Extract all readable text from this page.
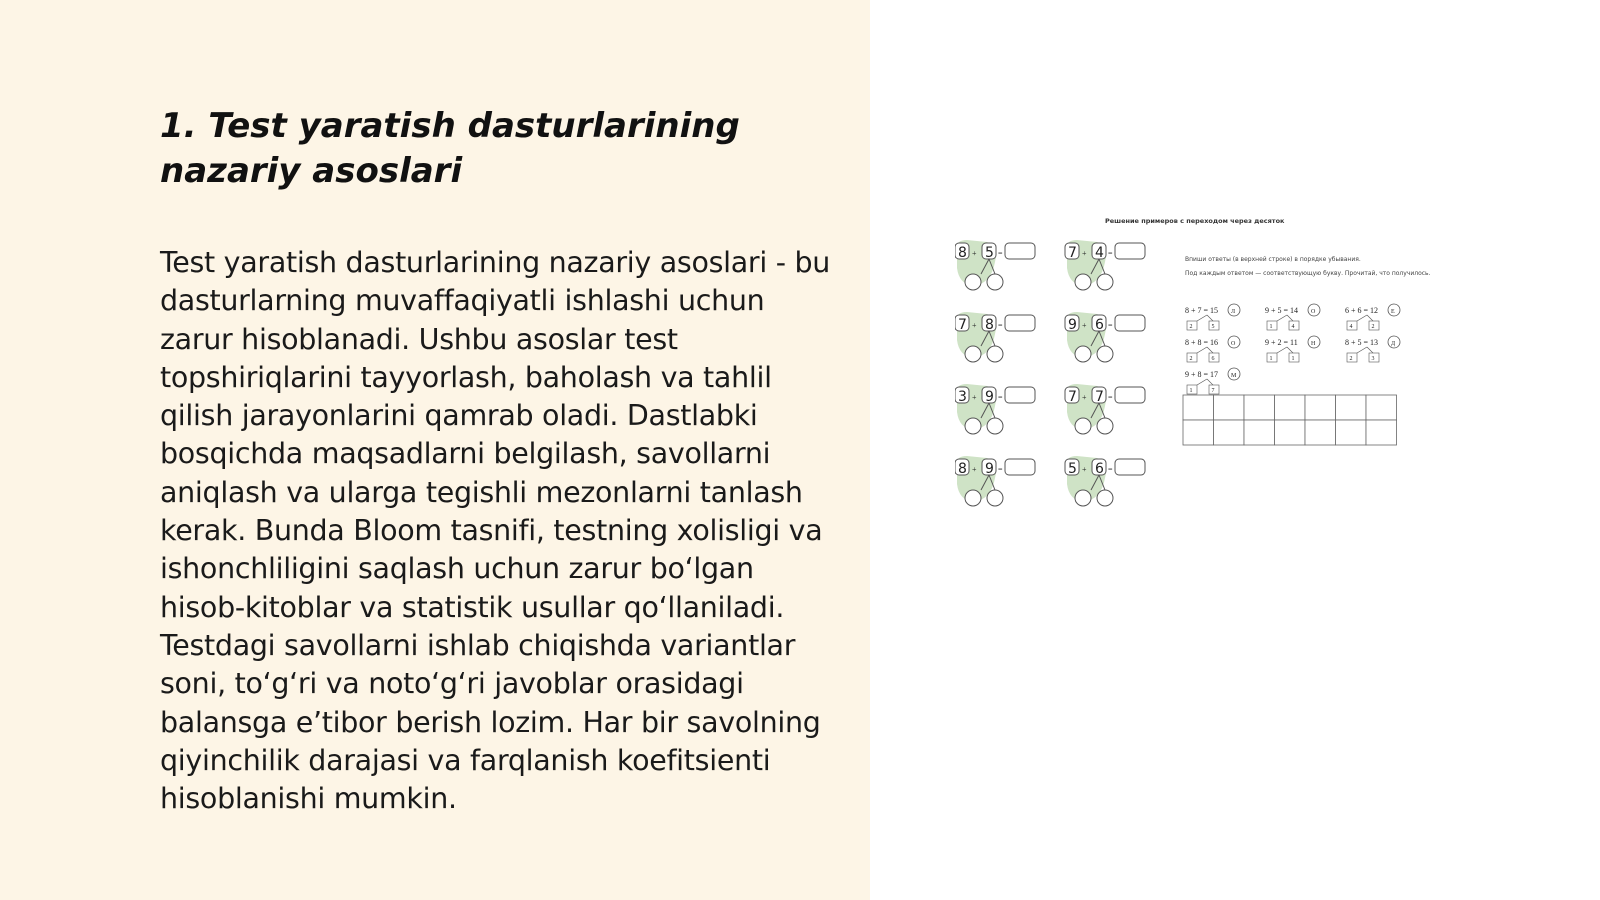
1. Test yaratish dasturlarining nazariy asoslari

Test yaratish dasturlarining nazariy asoslari - bu dasturlarning muvaffaqiyatli ishlashi uchun zarur hisoblanadi. Ushbu asoslar test topshiriqlarini tayyorlash, baholash va tahlil qilish jarayonlarini qamrab oladi. Dastlabki bosqichda maqsadlarni belgilash, savollarni aniqlash va ularga tegishli mezonlarni tanlash kerak. Bunda Bloom tasnifi, testning xolisligi va ishonchliligini saqlash uchun zarur bo‘lgan hisob-kitoblar va statistik usullar qo‘llaniladi. Testdagi savollarni ishlab chiqishda variantlar soni, to‘g‘ri va noto‘g‘ri javoblar orasidagi balansga e’tibor berish lozim. Har bir savolning qiyinchilik darajasi va farqlanish koefitsienti hisoblanishi mumkin.

Решение примеров с переходом через десяток
Впиши ответы (в верхней строке) в порядке убывания.
Под каждым ответом — соответствующую букву. Прочитай, что получилось.
8 + 5 =	7 + 4 =
7 + 8 =	9 + 6 =
3 + 9 =	7 + 7 =
8 + 9 =	5 + 6 =
8 + 7 = 15 Л
2	5
9 + 5 = 14 О
1	4
6 + 6 = 12 Е
4	2
8 + 8 = 16 О
2	6
9 + 2 = 11 Н
1	1
8 + 5 = 13 Д
2	3
9 + 8 = 17 М
1	7
